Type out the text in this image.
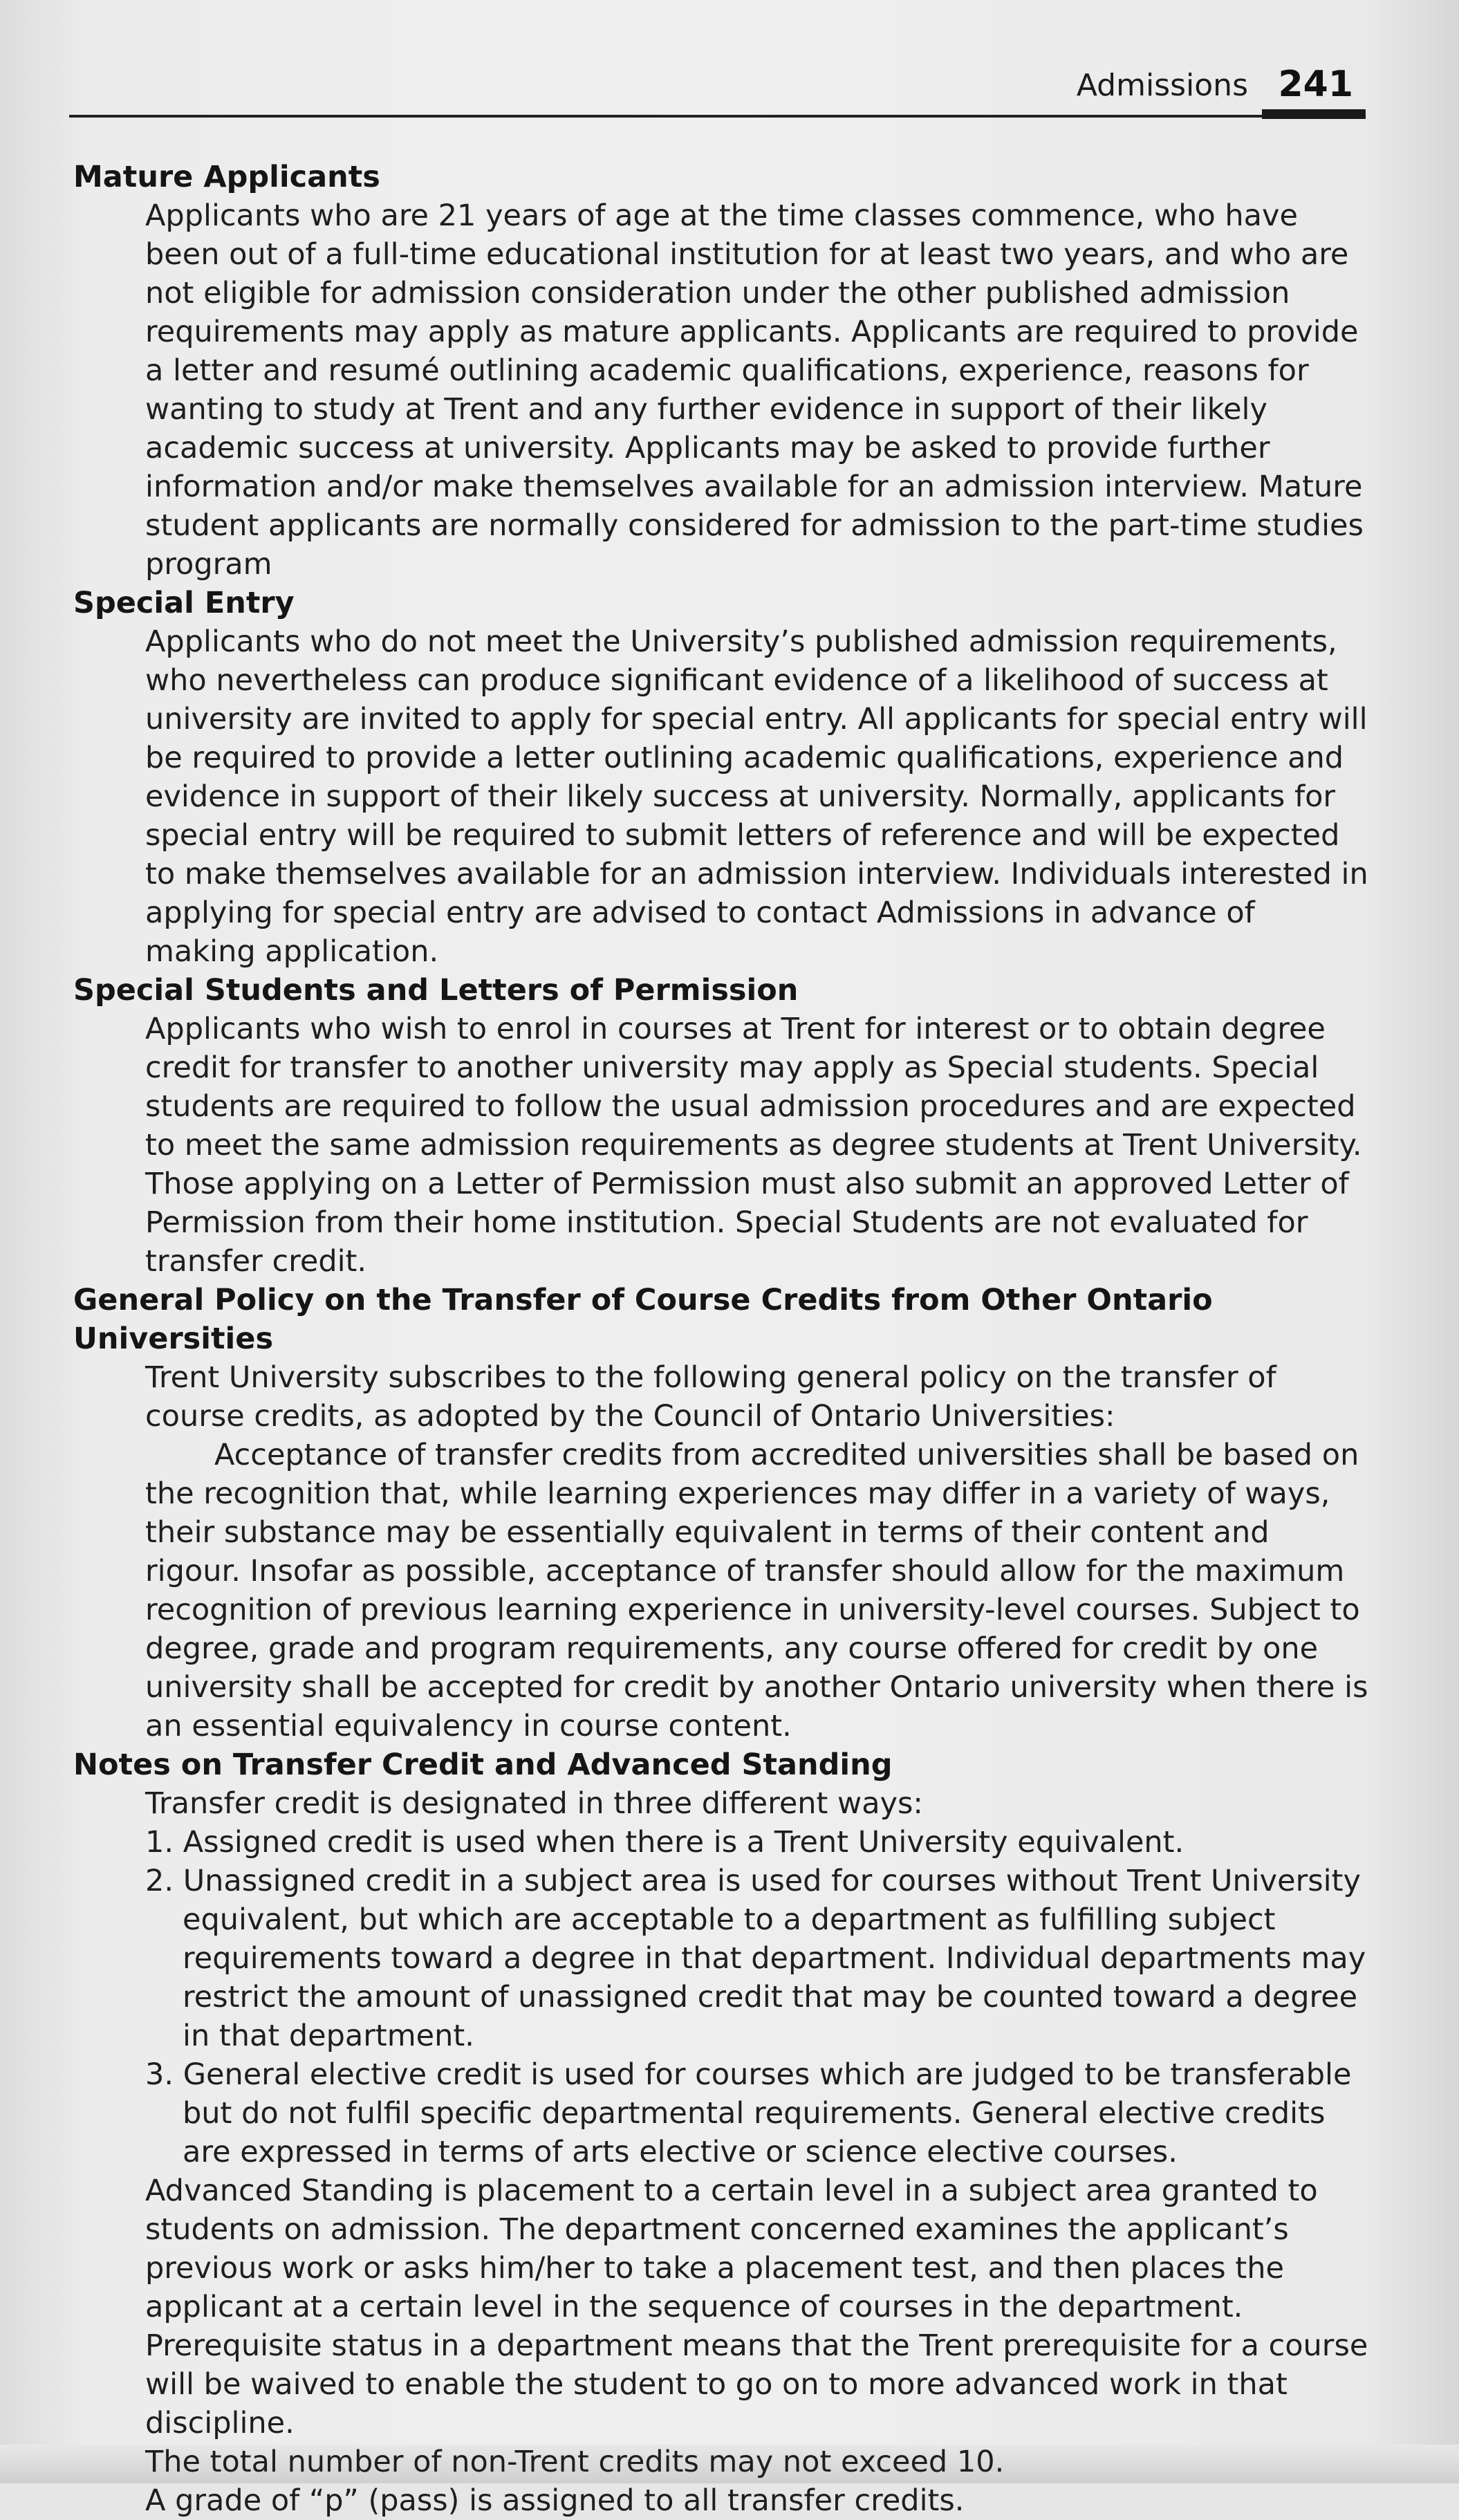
Admissions 241
Mature Applicants

Applicants who are 21 years of age at the time classes commence, who have been out of a full-time educational institution for at least two years, and who are not eligible for admission consideration under the other published admission requirements may apply as mature applicants. Applicants are required to provide a letter and resumé outlining academic qualifications, experience, reasons for wanting to study at Trent and any further evidence in support of their likely academic success at university. Applicants may be asked to provide further information and/or make themselves available for an admission interview. Mature student applicants are normally considered for admission to the part-time studies program

Special Entry

Applicants who do not meet the University’s published admission requirements, who nevertheless can produce significant evidence of a likelihood of success at university are invited to apply for special entry. All applicants for special entry will be required to provide a letter outlining academic qualifications, experience and evidence in support of their likely success at university. Normally, applicants for special entry will be required to submit letters of reference and will be expected to make themselves available for an admission interview. Individuals interested in applying for special entry are advised to contact Admissions in advance of making application.

Special Students and Letters of Permission

Applicants who wish to enrol in courses at Trent for interest or to obtain degree credit for transfer to another university may apply as Special students. Special students are required to follow the usual admission procedures and are expected to meet the same admission requirements as degree students at Trent University. Those applying on a Letter of Permission must also submit an approved Letter of Permission from their home institution. Special Students are not evaluated for transfer credit.

General Policy on the Transfer of Course Credits from Other Ontario Universities

Trent University subscribes to the following general policy on the transfer of course credits, as adopted by the Council of Ontario Universities:

Acceptance of transfer credits from accredited universities shall be based on the recognition that, while learning experiences may differ in a variety of ways, their substance may be essentially equivalent in terms of their content and rigour. Insofar as possible, acceptance of transfer should allow for the maximum recognition of previous learning experience in university-level courses. Subject to degree, grade and program requirements, any course offered for credit by one university shall be accepted for credit by another Ontario university when there is an essential equivalency in course content.

Notes on Transfer Credit and Advanced Standing

Transfer credit is designated in three different ways:

1. Assigned credit is used when there is a Trent University equivalent.
2. Unassigned credit in a subject area is used for courses without Trent University equivalent, but which are acceptable to a department as fulfilling subject requirements toward a degree in that department. Individual departments may restrict the amount of unassigned credit that may be counted toward a degree in that department.
3. General elective credit is used for courses which are judged to be transferable but do not fulfil specific departmental requirements. General elective credits are expressed in terms of arts elective or science elective courses.

Advanced Standing is placement to a certain level in a subject area granted to students on admission. The department concerned examines the applicant’s previous work or asks him/her to take a placement test, and then places the applicant at a certain level in the sequence of courses in the department. Prerequisite status in a department means that the Trent prerequisite for a course will be waived to enable the student to go on to more advanced work in that discipline.

The total number of non-Trent credits may not exceed 10.

A grade of “p” (pass) is assigned to all transfer credits.
